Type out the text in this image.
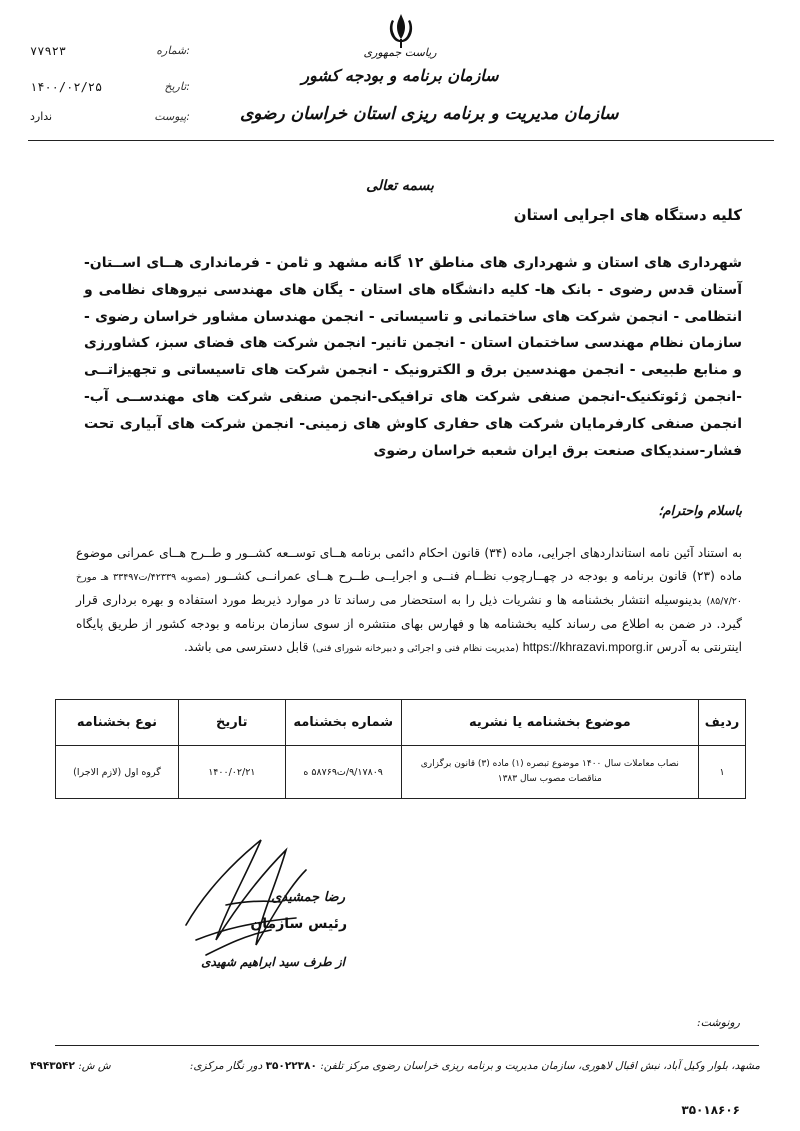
ریاست جمهوری
سازمان برنامه و بودجه کشور
سازمان مدیریت و برنامه ریزی استان خراسان رضوی
شماره:
۷۷۹۲۳
تاریخ:
۱۴۰۰/۰۲/۲۵
پیوست:
ندارد
بسمه تعالی
کلیه دستگاه های اجرایی استان
شهرداری های استان و شهرداری های مناطق ۱۲ گانه مشهد و ثامن - فرمانداری هــای اســتان- آستان قدس رضوی - بانک ها- کلیه دانشگاه های استان - یگان های مهندسی نیروهای نظامی و انتظامی - انجمن شرکت های ساختمانی و تاسیساتی - انجمن مهندسان مشاور خراسان رضوی - سازمان نظام مهندسی ساختمان استان - انجمن تانیر- انجمن شرکت های فضای سبز، کشاورزی و منابع طبیعی - انجمن مهندسین برق و الکترونیک - انجمن شرکت های تاسیساتی و تجهیزاتــی -انجمن ژئوتکنیک-انجمن صنفی شرکت های ترافیکی-انجمن صنفی شرکت های مهندســی آب- انجمن صنفی کارفرمایان شرکت های حفاری کاوش های زمینی- انجمن شرکت های آبیاری تحت فشار-سندیکای صنعت برق ایران شعبه خراسان رضوی
باسلام واحترام؛
به استناد آئین نامه استانداردهای اجرایی، ماده (۳۴) قانون احکام دائمی برنامه هــای توســعه کشــور و طــرح هــای عمرانی موضوع ماده (۲۳) قانون برنامه و بودجه در چهــارچوب نظــام فنــی و اجرایــی طــرح هــای عمرانــی کشــور (مصوبه ۴۲۳۳۹/ت۳۳۴۹۷ هـ مورخ ۸۵/۷/۲۰) بدینوسیله انتشار بخشنامه ها و نشریات ذیل را به استحضار می رساند تا در موارد ذیربط مورد استفاده و بهره برداری قرار گیرد. در ضمن به اطلاع می رساند کلیه بخشنامه ها و فهارس بهای منتشره از سوی سازمان برنامه و بودجه کشور از طریق پایگاه اینترنتی به آدرس https://khrazavi.mporg.ir (مدیریت نظام فنی و اجرائی و دبیرخانه شورای فنی) قابل دسترسی می باشد.
ردیف	موضوع بخشنامه یا نشریه	شماره بخشنامه	تاریخ	نوع بخشنامه
۱	نصاب معاملات سال ۱۴۰۰ موضوع تبصره (۱) ماده (۳) قانون برگزاری مناقصات مصوب سال ۱۳۸۳	۹/۱۷۸۰۹/ت۵۸۷۶۹ ه	۱۴۰۰/۰۲/۲۱	گروه اول (لازم الاجرا)
رضا جمشیدی
رئیس سازمان
از طرف سید ابراهیم شهیدی
رونوشت:
مشهد، بلوار وکیل آباد، نبش اقبال لاهوری، سازمان مدیریت و برنامه ریزی خراسان رضوی مرکز تلفن: ۳۵۰۲۲۳۸۰ دور نگار مرکزی:
ش ش: ۴۹۴۳۵۴۲
۳۵۰۱۸۶۰۶
